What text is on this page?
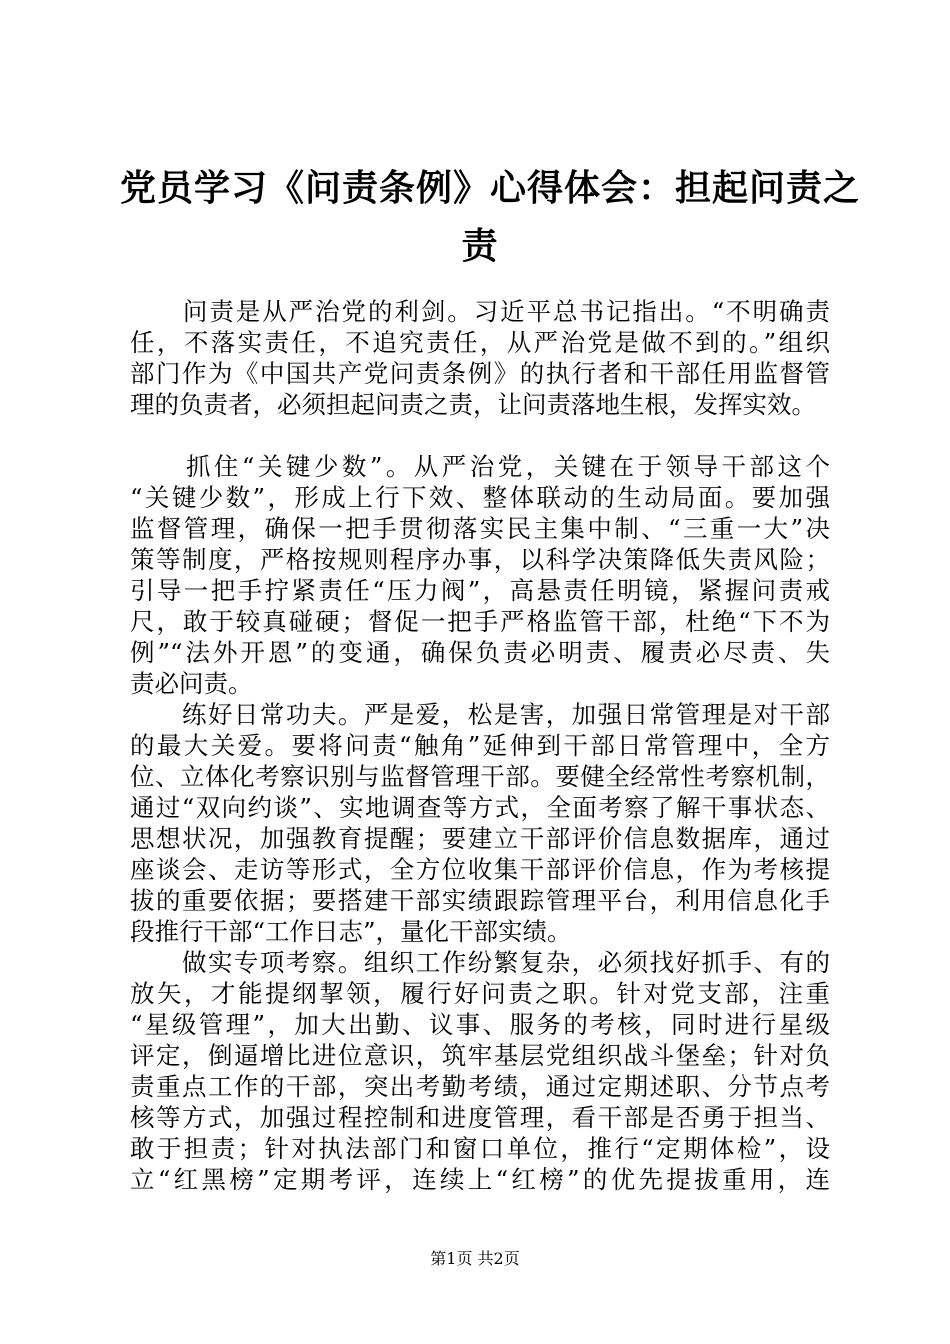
党员学习《问责条例》心得体会：担起问责之
责
　　问责是从严治党的利剑。习近平总书记指出。“不明确责
任，不落实责任，不追究责任，从严治党是做不到的。”组织
部门作为《中国共产党问责条例》的执行者和干部任用监督管
理的负责者，必须担起问责之责，让问责落地生根，发挥实效。
　　抓住“关键少数”。从严治党，关键在于领导干部这个
“关键少数”，形成上行下效、整体联动的生动局面。要加强
监督管理，确保一把手贯彻落实民主集中制、“三重一大”决
策等制度，严格按规则程序办事，以科学决策降低失责风险；
引导一把手拧紧责任“压力阀”，高悬责任明镜，紧握问责戒
尺，敢于较真碰硬；督促一把手严格监管干部，杜绝“下不为
例”“法外开恩”的变通，确保负责必明责、履责必尽责、失
责必问责。
　　练好日常功夫。严是爱，松是害，加强日常管理是对干部
的最大关爱。要将问责“触角”延伸到干部日常管理中，全方
位、立体化考察识别与监督管理干部。要健全经常性考察机制，
通过“双向约谈”、实地调查等方式，全面考察了解干事状态、
思想状况，加强教育提醒；要建立干部评价信息数据库，通过
座谈会、走访等形式，全方位收集干部评价信息，作为考核提
拔的重要依据；要搭建干部实绩跟踪管理平台，利用信息化手
段推行干部“工作日志”，量化干部实绩。
　　做实专项考察。组织工作纷繁复杂，必须找好抓手、有的
放矢，才能提纲挈领，履行好问责之职。针对党支部，注重
“星级管理”，加大出勤、议事、服务的考核，同时进行星级
评定，倒逼增比进位意识，筑牢基层党组织战斗堡垒；针对负
责重点工作的干部，突出考勤考绩，通过定期述职、分节点考
核等方式，加强过程控制和进度管理，看干部是否勇于担当、
敢于担责；针对执法部门和窗口单位，推行“定期体检”，设
立“红黑榜”定期考评，连续上“红榜”的优先提拔重用，连
第1页 共2页
